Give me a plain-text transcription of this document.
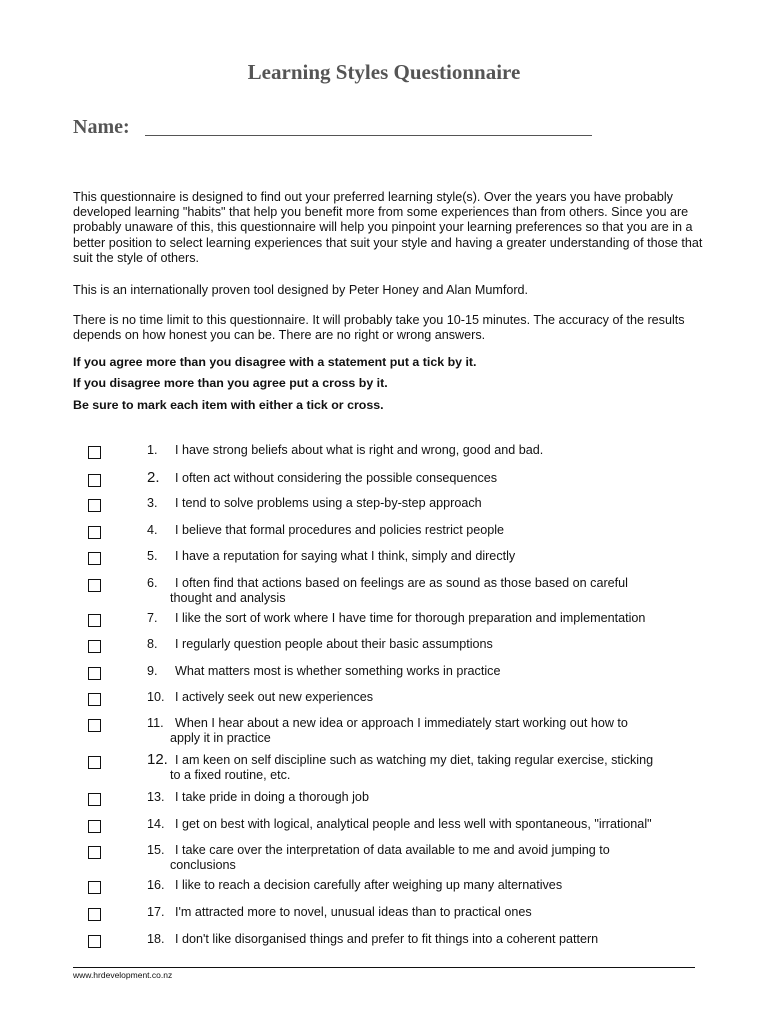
Learning Styles Questionnaire
Name:
This questionnaire is designed to find out your preferred learning style(s). Over the years you have probably developed learning "habits" that help you benefit more from some experiences than from others. Since you are probably unaware of this, this questionnaire will help you pinpoint your learning preferences so that you are in a better position to select learning experiences that suit your style and having a greater understanding of those that suit the style of others.
This is an internationally proven tool designed by Peter Honey and Alan Mumford.
There is no time limit to this questionnaire. It will probably take you 10-15 minutes. The accuracy of the results depends on how honest you can be. There are no right or wrong answers.
If you agree more than you disagree with a statement put a tick by it.
If you disagree more than you agree put a cross by it.
Be sure to mark each item with either a tick or cross.
1. I have strong beliefs about what is right and wrong, good and bad.
2. I often act without considering the possible consequences
3. I tend to solve problems using a step-by-step approach
4. I believe that formal procedures and policies restrict people
5. I have a reputation for saying what I think, simply and directly
6. I often find that actions based on feelings are as sound as those based on careful
thought and analysis
7. I like the sort of work where I have time for thorough preparation and implementation
8. I regularly question people about their basic assumptions
9. What matters most is whether something works in practice
10. I actively seek out new experiences
11. When I hear about a new idea or approach I immediately start working out how to
apply it in practice
12. I am keen on self discipline such as watching my diet, taking regular exercise, sticking
to a fixed routine, etc.
13. I take pride in doing a thorough job
14. I get on best with logical, analytical people and less well with spontaneous, "irrational"
15. I take care over the interpretation of data available to me and avoid jumping to
conclusions
16. I like to reach a decision carefully after weighing up many alternatives
17. I'm attracted more to novel, unusual ideas than to practical ones
18. I don't like disorganised things and prefer to fit things into a coherent pattern
www.hrdevelopment.co.nz
